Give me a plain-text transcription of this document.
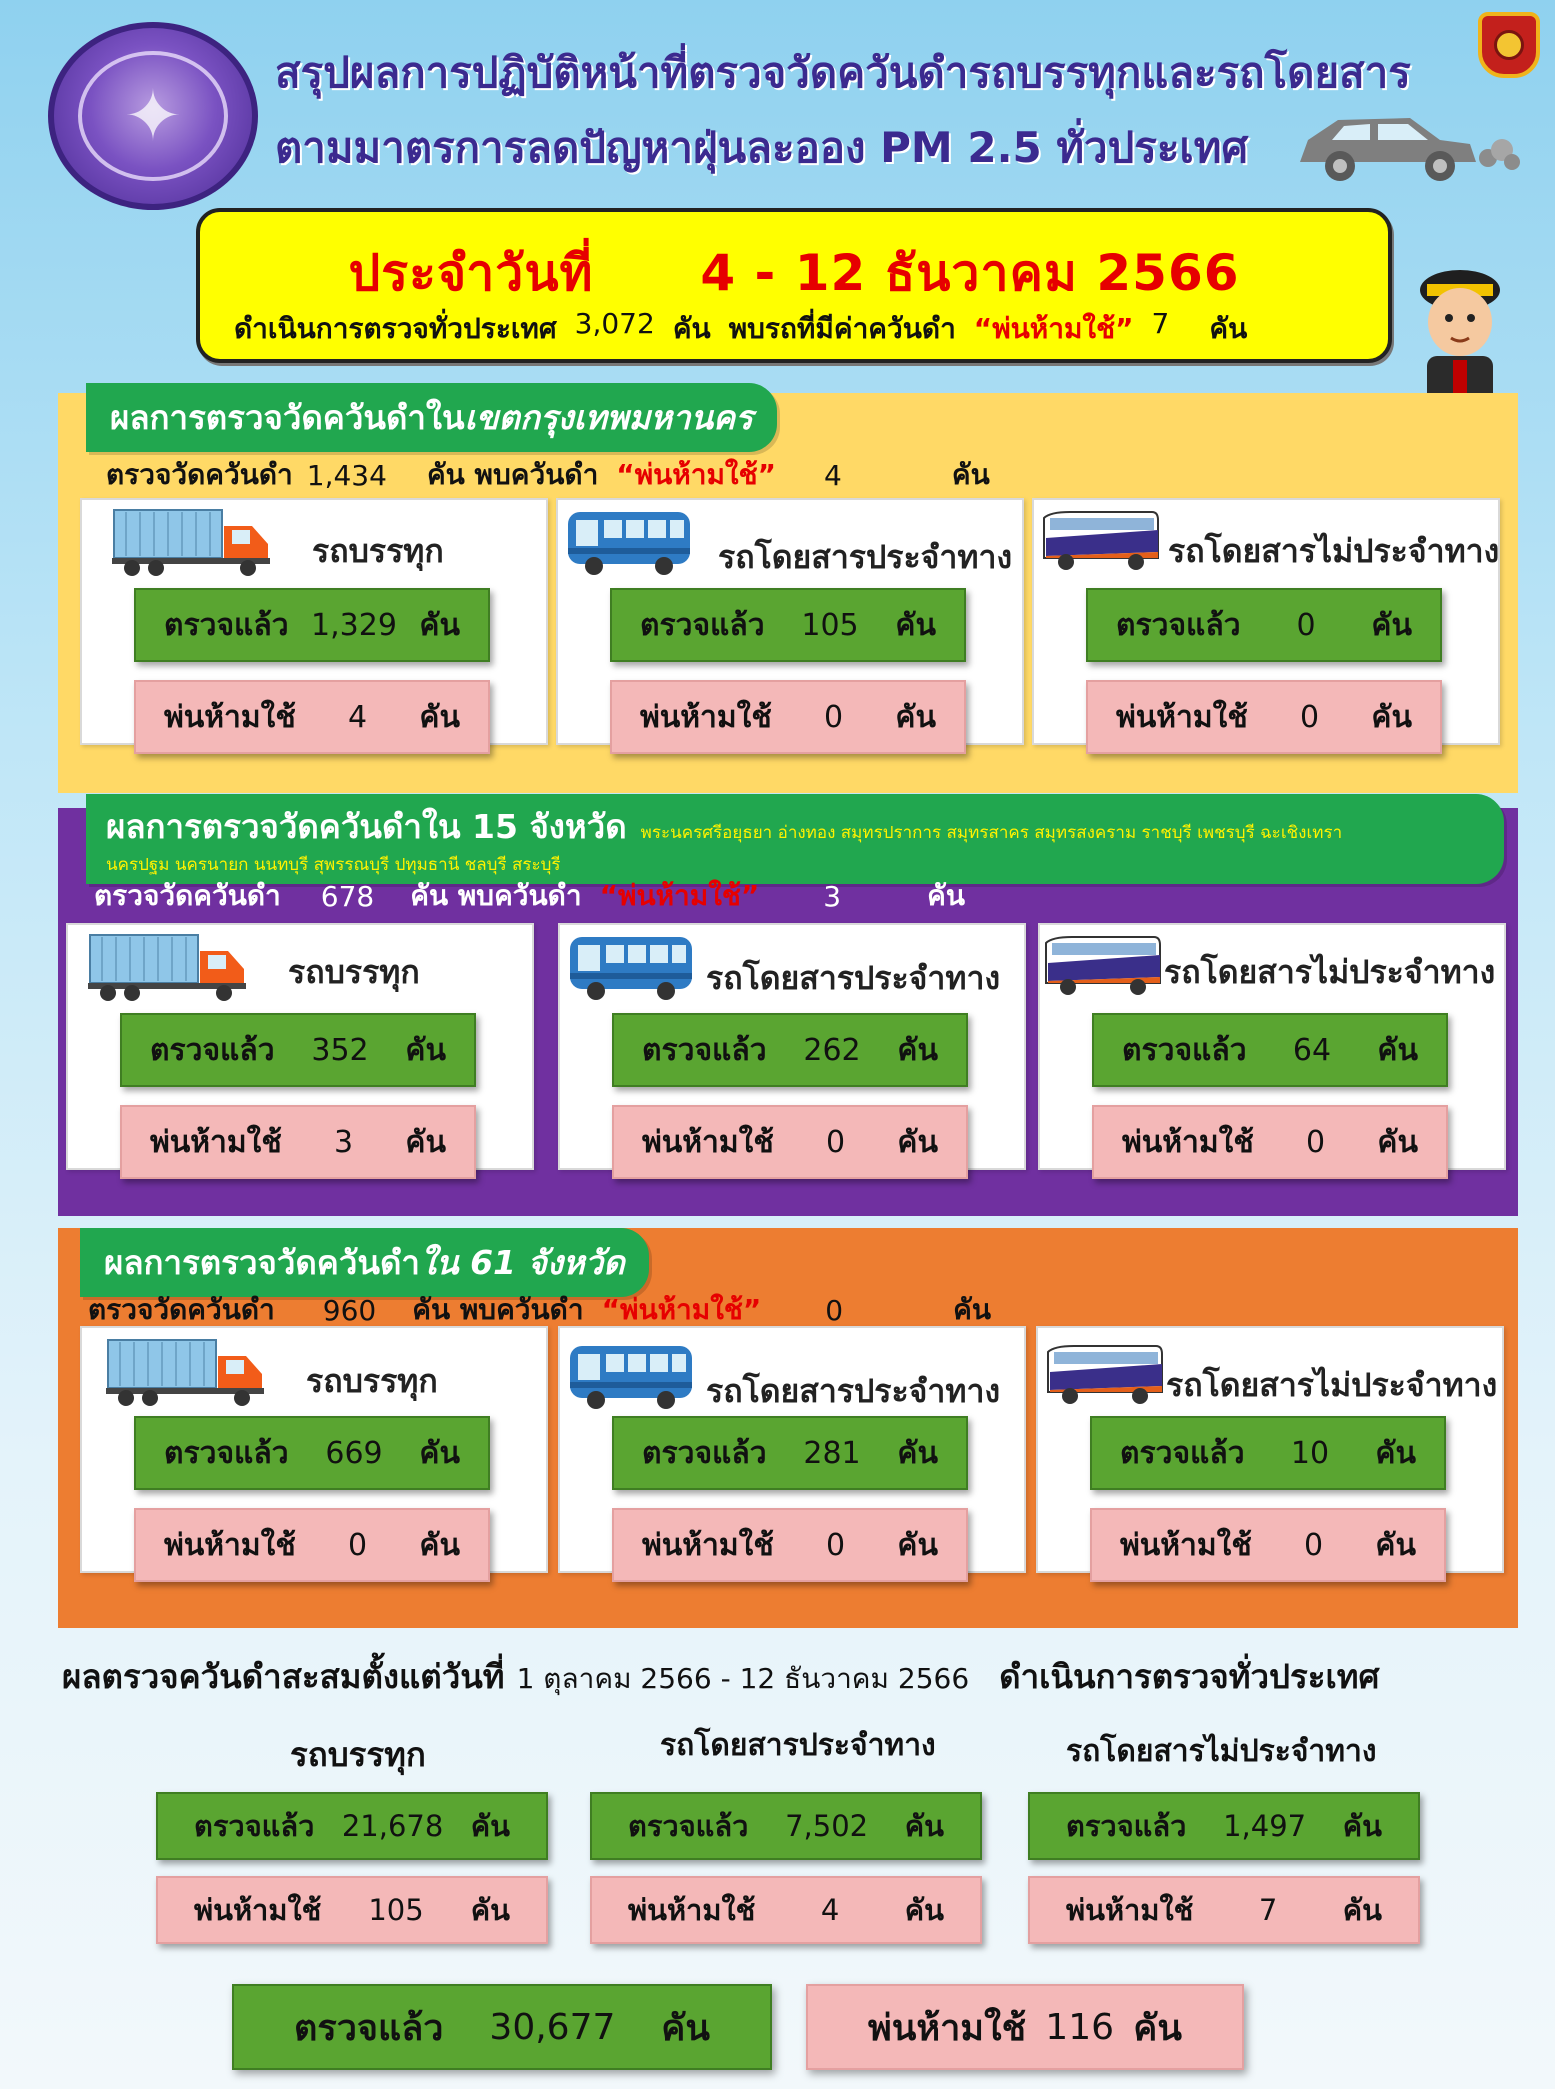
✦
สรุปผลการปฏิบัติหน้าที่ตรวจวัดควันดำรถบรรทุกและรถโดยสาร
ตามมาตรการลดปัญหาฝุ่นละออง PM 2.5 ทั่วประเทศ
ประจำวันที่ 4 - 12 ธันวาคม 2566
ดำเนินการตรวจทั่วประเทศ 3,072 คัน พบรถที่มีค่าควันดำ “พ่นห้ามใช้” 7 คัน
ผลการตรวจวัดควันดำในเขตกรุงเทพมหานคร
ตรวจวัดควันดำ 1,434 คัน พบควันดำ “พ่นห้ามใช้” 4	คัน
รถบรรทุก
ตรวจแล้ว 1,329 คัน
พ่นห้ามใช้	4	คัน
รถโดยสารประจำทาง
ตรวจแล้ว	105	คัน
พ่นห้ามใช้	0	คัน
รถโดยสารไม่ประจำทาง
ตรวจแล้ว	0	คัน
พ่นห้ามใช้	0	คัน
ผลการตรวจวัดควันดำใน 15 จังหวัด พระนครศรีอยุธยา อ่างทอง สมุทรปราการ สมุทรสาคร สมุทรสงคราม ราชบุรี เพชรบุรี ฉะเชิงเทรา
นครปฐม นครนายก นนทบุรี สุพรรณบุรี ปทุมธานี ชลบุรี สระบุรี
ตรวจวัดควันดำ 678 คัน พบควันดำ “พ่นห้ามใช้” 3	คัน
รถบรรทุก
ตรวจแล้ว	352	คัน
พ่นห้ามใช้	3	คัน
รถโดยสารประจำทาง
ตรวจแล้ว	262	คัน
พ่นห้ามใช้	0	คัน
รถโดยสารไม่ประจำทาง
ตรวจแล้ว	64	คัน
พ่นห้ามใช้	0	คัน
ผลการตรวจวัดควันดำใน 61 จังหวัด
ตรวจวัดควันดำ 960 คัน พบควันดำ “พ่นห้ามใช้” 0	คัน
รถบรรทุก
ตรวจแล้ว	669	คัน
พ่นห้ามใช้	0	คัน
รถโดยสารประจำทาง
ตรวจแล้ว	281	คัน
พ่นห้ามใช้	0	คัน
รถโดยสารไม่ประจำทาง
ตรวจแล้ว	10	คัน
พ่นห้ามใช้	0	คัน
ผลตรวจควันดำสะสมตั้งแต่วันที่ 1 ตุลาคม 2566 - 12 ธันวาคม 2566 ดำเนินการตรวจทั่วประเทศ
รถบรรทุก	รถโดยสารประจำทาง	รถโดยสารไม่ประจำทาง
ตรวจแล้ว 21,678 คัน
พ่นห้ามใช้ 105 คัน
ตรวจแล้ว 7,502 คัน
พ่นห้ามใช้ 4 คัน
ตรวจแล้ว 1,497 คัน
พ่นห้ามใช้ 7 คัน
ตรวจแล้ว 30,677 คัน	พ่นห้ามใช้ 116 คัน
